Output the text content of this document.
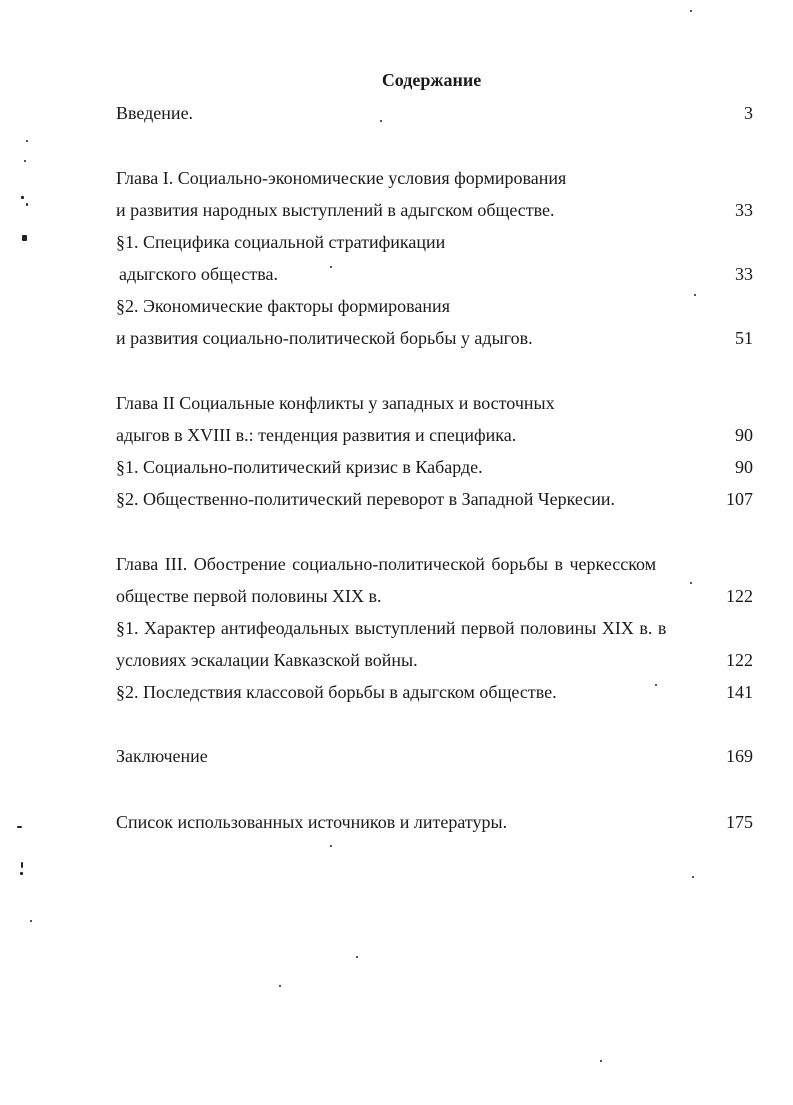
Содержание
Введение.	3
Глава I. Социально-экономические условия формирования
и развития народных выступлений в адыгском обществе.	33
§1. Специфика социальной стратификации
адыгского общества.	33
§2. Экономические факторы формирования
и развития социально-политической борьбы у адыгов.	51
Глава II Социальные конфликты у западных и восточных
адыгов в XVIII в.: тенденция развития и специфика.	90
§1. Социально-политический кризис в Кабарде.	90
§2. Общественно-политический переворот в Западной Черкесии.	107
Глава III. Обострение социально-политической борьбы в черкесском
обществе первой половины XIX в.	122
§1. Характер антифеодальных выступлений первой половины XIX в. в
условиях эскалации Кавказской войны.	122
§2. Последствия классовой борьбы в адыгском обществе.	141
Заключение	169
Список использованных источников и литературы.	175
